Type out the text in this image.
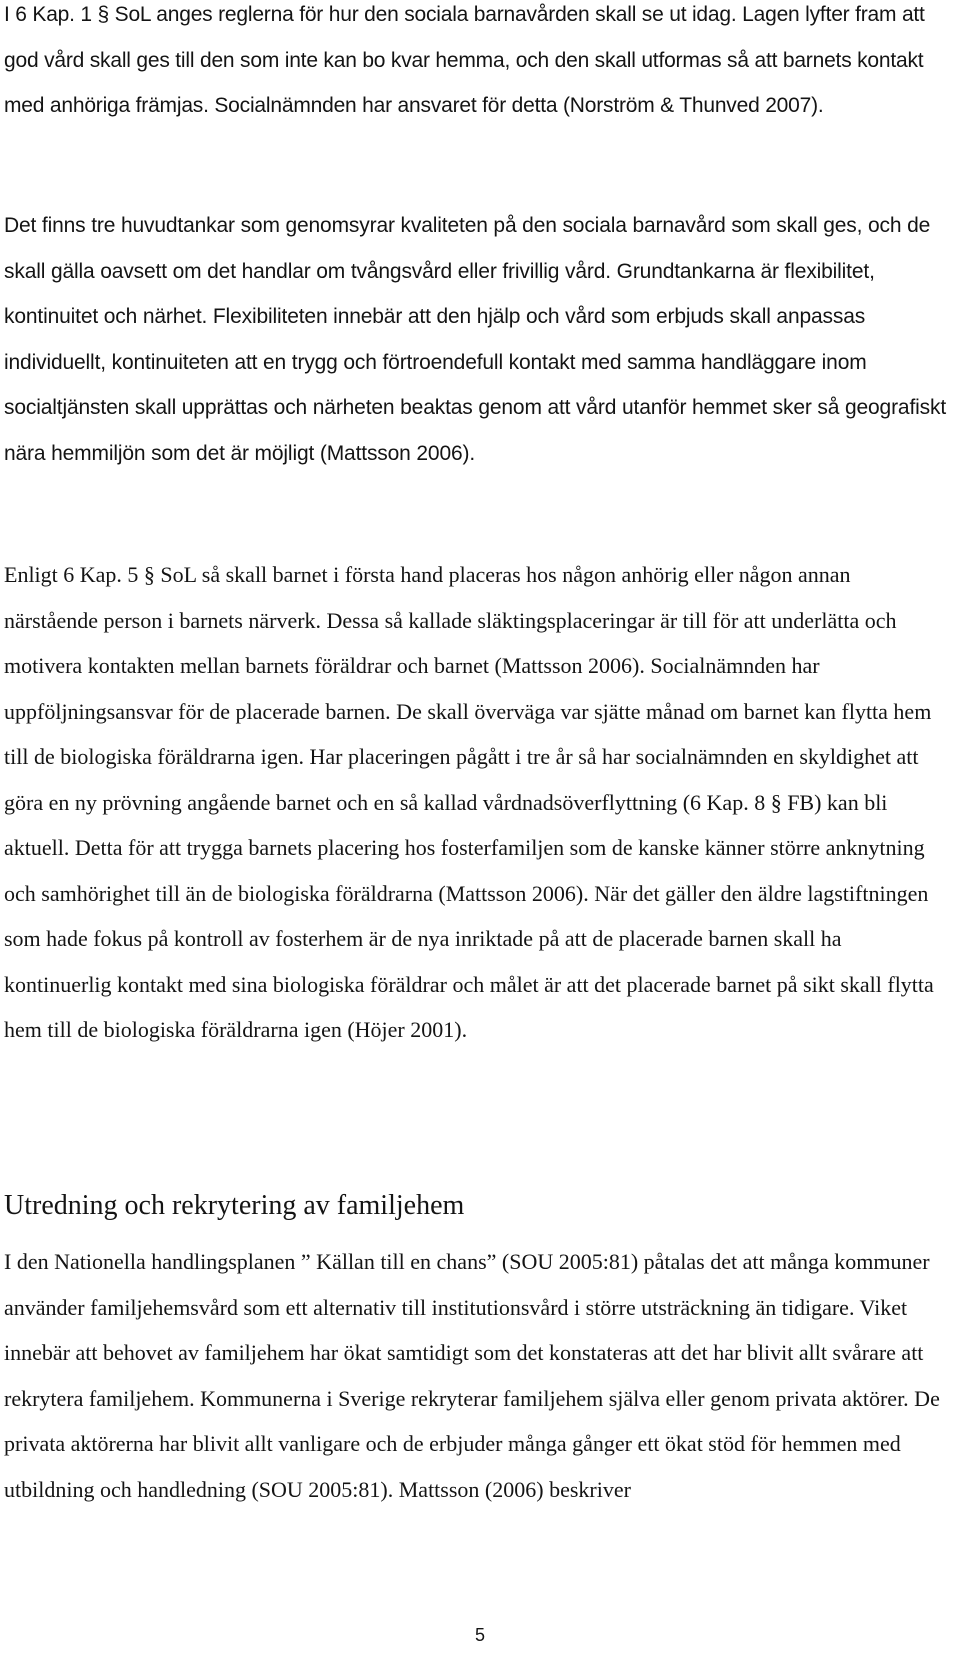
I 6 Kap. 1 § SoL anges reglerna för hur den sociala barnavården skall se ut idag. Lagen lyfter fram att god vård skall ges till den som inte kan bo kvar hemma, och den skall utformas så att barnets kontakt med anhöriga främjas. Socialnämnden har ansvaret för detta (Norström & Thunved 2007).

Det finns tre huvudtankar som genomsyrar kvaliteten på den sociala barnavård som skall ges, och de skall gälla oavsett om det handlar om tvångsvård eller frivillig vård. Grundtankarna är flexibilitet, kontinuitet och närhet. Flexibiliteten innebär att den hjälp och vård som erbjuds skall anpassas individuellt, kontinuiteten att en trygg och förtroendefull kontakt med samma handläggare inom socialtjänsten skall upprättas och närheten beaktas genom att vård utanför hemmet sker så geografiskt nära hemmiljön som det är möjligt (Mattsson 2006).

Enligt 6 Kap. 5 § SoL så skall barnet i första hand placeras hos någon anhörig eller någon annan närstående person i barnets närverk. Dessa så kallade släktingsplaceringar är till för att underlätta och motivera kontakten mellan barnets föräldrar och barnet (Mattsson 2006). Socialnämnden har uppföljningsansvar för de placerade barnen. De skall överväga var sjätte månad om barnet kan flytta hem till de biologiska föräldrarna igen. Har placeringen pågått i tre år så har socialnämnden en skyldighet att göra en ny prövning angående barnet och en så kallad vårdnadsöverflyttning (6 Kap. 8 § FB) kan bli aktuell. Detta för att trygga barnets placering hos fosterfamiljen som de kanske känner större anknytning och samhörighet till än de biologiska föräldrarna (Mattsson 2006). När det gäller den äldre lagstiftningen som hade fokus på kontroll av fosterhem är de nya inriktade på att de placerade barnen skall ha kontinuerlig kontakt med sina biologiska föräldrar och målet är att det placerade barnet på sikt skall flytta hem till de biologiska föräldrarna igen (Höjer 2001).

Utredning och rekrytering av familjehem

I den Nationella handlingsplanen ” Källan till en chans” (SOU 2005:81) påtalas det att många kommuner använder familjehemsvård som ett alternativ till institutionsvård i större utsträckning än tidigare. Viket innebär att behovet av familjehem har ökat samtidigt som det konstateras att det har blivit allt svårare att rekrytera familjehem. Kommunerna i Sverige rekryterar familjehem själva eller genom privata aktörer. De privata aktörerna har blivit allt vanligare och de erbjuder många gånger ett ökat stöd för hemmen med utbildning och handledning (SOU 2005:81). Mattsson (2006) beskriver

5
